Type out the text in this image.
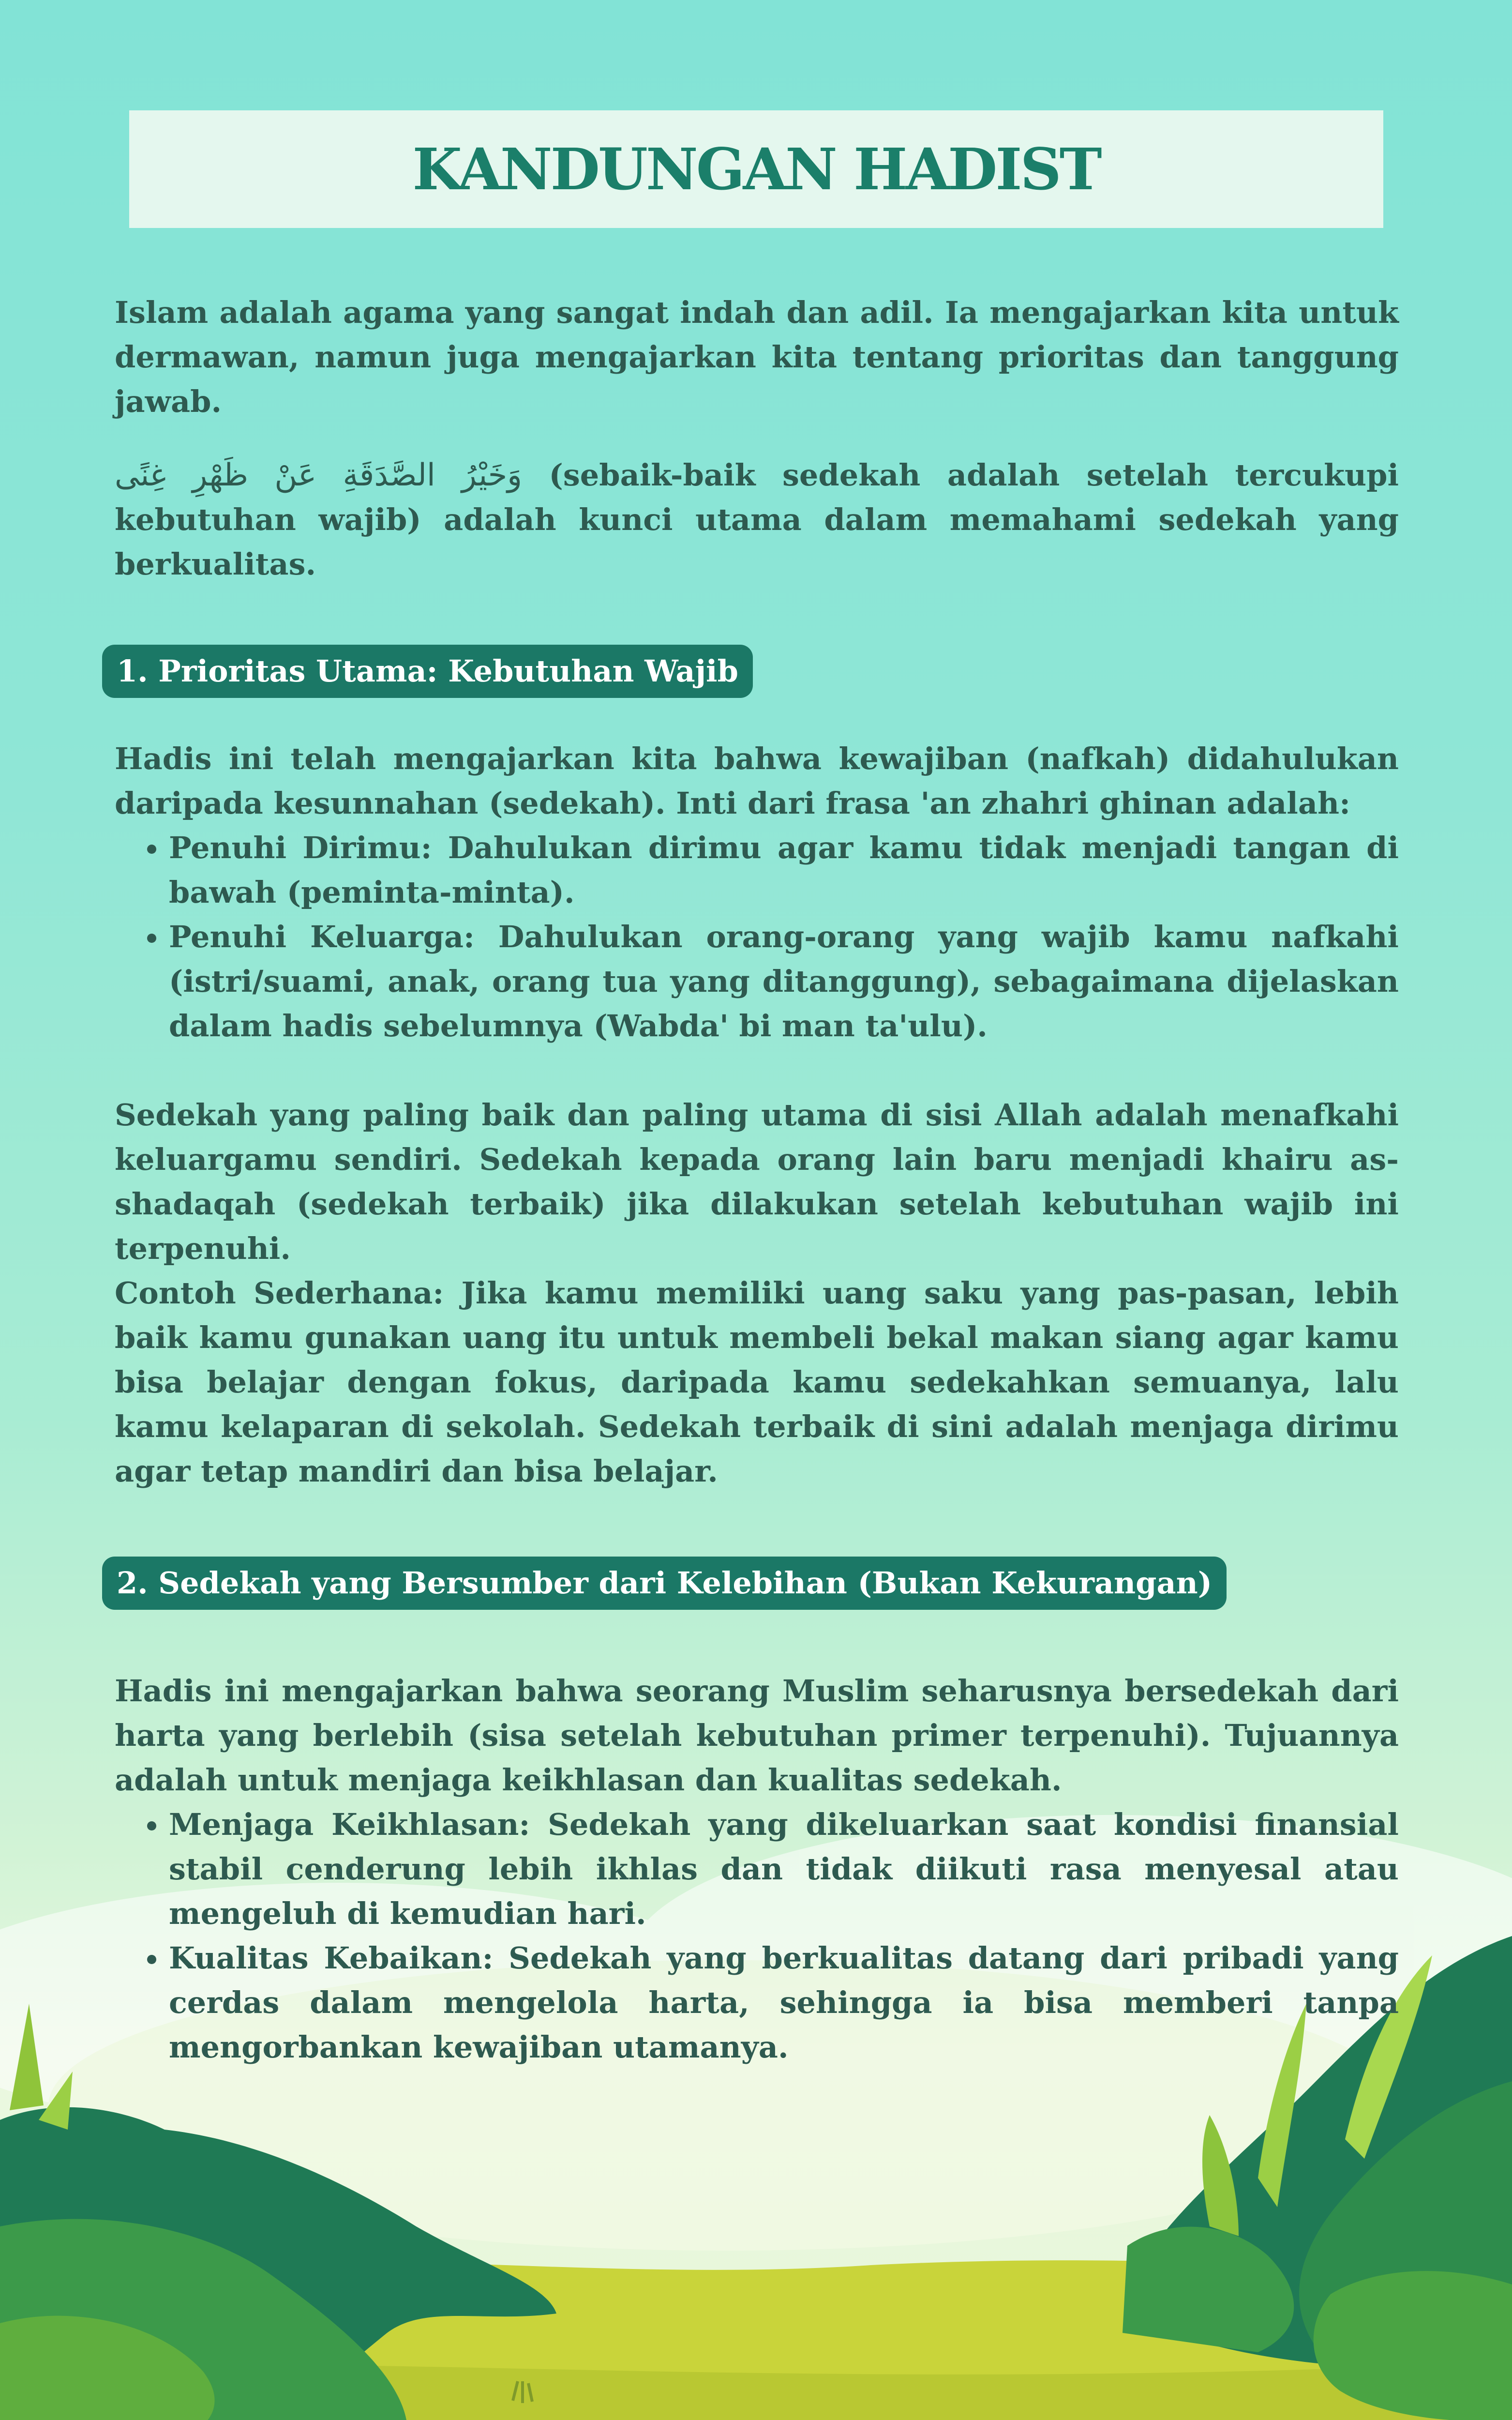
KANDUNGAN HADIST

Islam adalah agama yang sangat indah dan adil. Ia mengajarkan kita untuk dermawan, namun juga mengajarkan kita tentang prioritas dan tanggung jawab.

وَخَيْرُ الصَّدَقَةِ عَنْ ظَهْرِ غِنًى (sebaik-baik sedekah adalah setelah tercukupi kebutuhan wajib) adalah kunci utama dalam memahami sedekah yang berkualitas.

1. Prioritas Utama: Kebutuhan Wajib

Hadis ini telah mengajarkan kita bahwa kewajiban (nafkah) didahulukan daripada kesunnahan (sedekah). Inti dari frasa 'an zhahri ghinan adalah:

• Penuhi Dirimu: Dahulukan dirimu agar kamu tidak menjadi tangan di bawah (peminta-minta).
• Penuhi Keluarga: Dahulukan orang-orang yang wajib kamu nafkahi (istri/suami, anak, orang tua yang ditanggung), sebagaimana dijelaskan dalam hadis sebelumnya (Wabda' bi man ta'ulu).

Sedekah yang paling baik dan paling utama di sisi Allah adalah menafkahi keluargamu sendiri. Sedekah kepada orang lain baru menjadi khairu as-shadaqah (sedekah terbaik) jika dilakukan setelah kebutuhan wajib ini terpenuhi.

Contoh Sederhana: Jika kamu memiliki uang saku yang pas-pasan, lebih baik kamu gunakan uang itu untuk membeli bekal makan siang agar kamu bisa belajar dengan fokus, daripada kamu sedekahkan semuanya, lalu kamu kelaparan di sekolah. Sedekah terbaik di sini adalah menjaga dirimu agar tetap mandiri dan bisa belajar.

2. Sedekah yang Bersumber dari Kelebihan (Bukan Kekurangan)

Hadis ini mengajarkan bahwa seorang Muslim seharusnya bersedekah dari harta yang berlebih (sisa setelah kebutuhan primer terpenuhi). Tujuannya adalah untuk menjaga keikhlasan dan kualitas sedekah.

• Menjaga Keikhlasan: Sedekah yang dikeluarkan saat kondisi finansial stabil cenderung lebih ikhlas dan tidak diikuti rasa menyesal atau mengeluh di kemudian hari.
• Kualitas Kebaikan: Sedekah yang berkualitas datang dari pribadi yang cerdas dalam mengelola harta, sehingga ia bisa memberi tanpa mengorbankan kewajiban utamanya.
